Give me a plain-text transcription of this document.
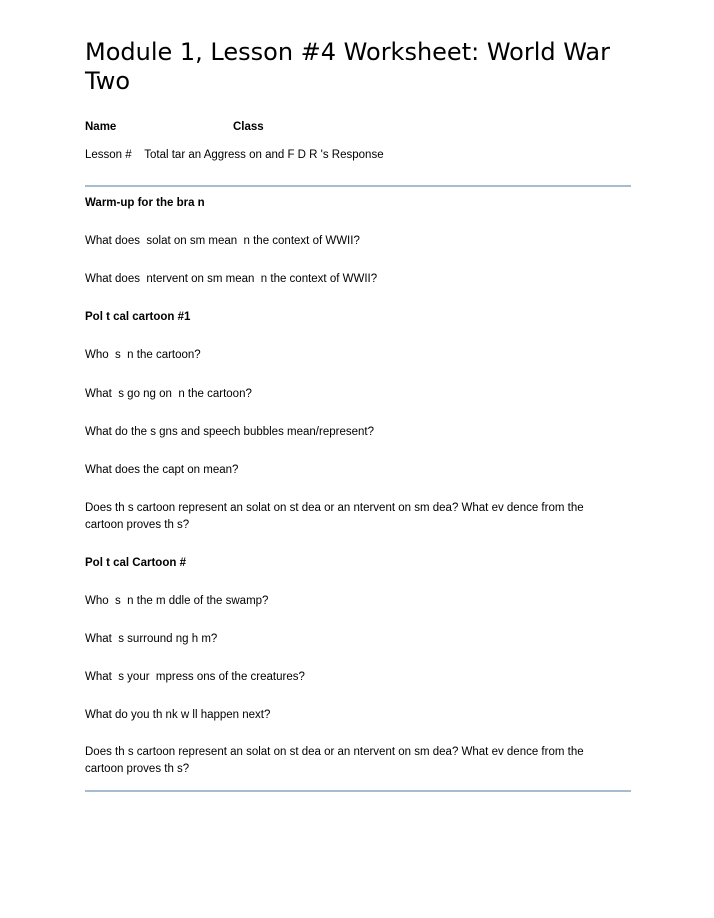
Module 1, Lesson #4 Worksheet: World War Two
Name	Class
Lesson #    Total tar an Aggress on and F D R 's Response
Warm-up for the bra n
What does  solat on sm mean  n the context of WWII?
What does  ntervent on sm mean  n the context of WWII?
Pol t cal cartoon #1
Who  s  n the cartoon?
What  s go ng on  n the cartoon?
What do the s gns and speech bubbles mean/represent?
What does the capt on mean?
Does th s cartoon represent an solat on st dea or an ntervent on sm dea? What ev dence from the cartoon proves th s?
Pol t cal Cartoon #
Who  s  n the m ddle of the swamp?
What  s surround ng h m?
What  s your  mpress ons of the creatures?
What do you th nk w ll happen next?
Does th s cartoon represent an solat on st dea or an ntervent on sm dea? What ev dence from the cartoon proves th s?
